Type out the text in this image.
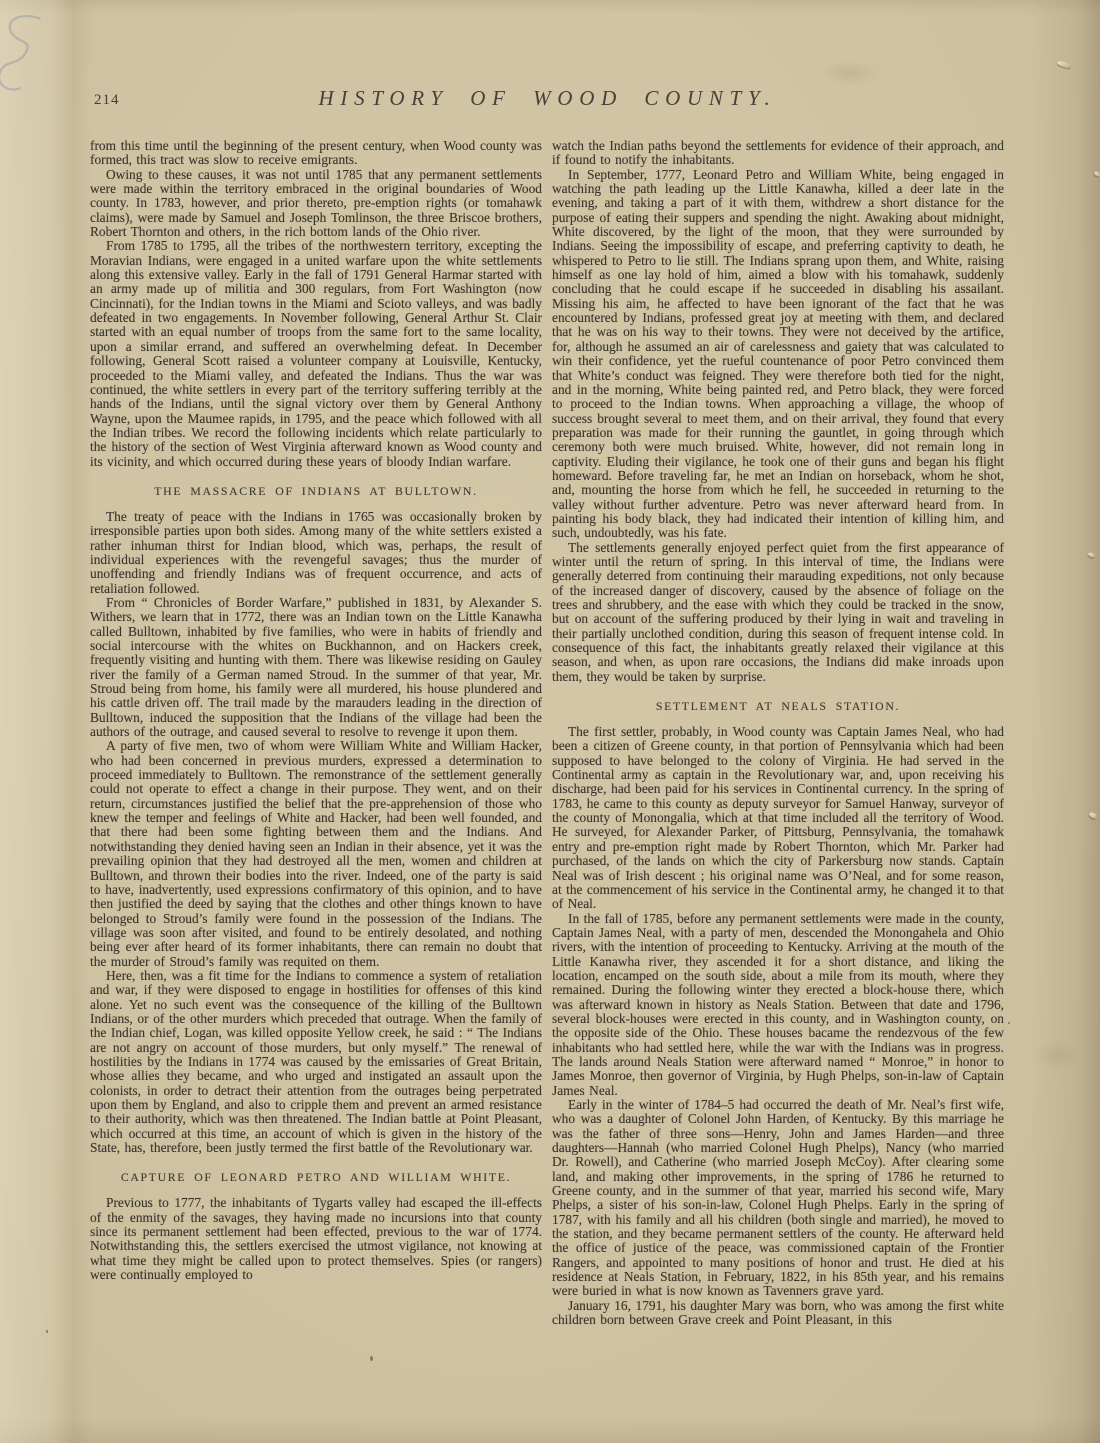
214	HISTORY OF WOOD COUNTY.

from this time until the beginning of the present century, when Wood county was formed, this tract was slow to receive emigrants.

Owing to these causes, it was not until 1785 that any permanent settlements were made within the territory embraced in the original boundaries of Wood county. In 1783, however, and prior thereto, pre-emption rights (or tomahawk claims), were made by Samuel and Joseph Tomlinson, the three Briscoe brothers, Robert Thornton and others, in the rich bottom lands of the Ohio river.

From 1785 to 1795, all the tribes of the northwestern territory, excepting the Moravian Indians, were engaged in a united warfare upon the white settlements along this extensive valley. Early in the fall of 1791 General Harmar started with an army made up of militia and 300 regulars, from Fort Washington (now Cincinnati), for the Indian towns in the Miami and Scioto valleys, and was badly defeated in two engagements. In November following, General Arthur St. Clair started with an equal number of troops from the same fort to the same locality, upon a similar errand, and suffered an overwhelming defeat. In December following, General Scott raised a volunteer company at Louisville, Kentucky, proceeded to the Miami valley, and defeated the Indians. Thus the war was continued, the white settlers in every part of the territory suffering terribly at the hands of the Indians, until the signal victory over them by General Anthony Wayne, upon the Maumee rapids, in 1795, and the peace which followed with all the Indian tribes. We record the following incidents which relate particularly to the history of the section of West Virginia afterward known as Wood county and its vicinity, and which occurred during these years of bloody Indian warfare.

THE MASSACRE OF INDIANS AT BULLTOWN.

The treaty of peace with the Indians in 1765 was occasionally broken by irresponsible parties upon both sides. Among many of the white settlers existed a rather inhuman thirst for Indian blood, which was, perhaps, the result of individual experiences with the revengeful savages; thus the murder of unoffending and friendly Indians was of frequent occurrence, and acts of retaliation followed.

From “ Chronicles of Border Warfare,” published in 1831, by Alexander S. Withers, we learn that in 1772, there was an Indian town on the Little Kanawha called Bulltown, inhabited by five families, who were in habits of friendly and social intercourse with the whites on Buckhannon, and on Hackers creek, frequently visiting and hunting with them. There was likewise residing on Gauley river the family of a German named Stroud. In the summer of that year, Mr. Stroud being from home, his family were all murdered, his house plundered and his cattle driven off. The trail made by the marauders leading in the direction of Bulltown, induced the supposition that the Indians of the village had been the authors of the outrage, and caused several to resolve to revenge it upon them.

A party of five men, two of whom were William White and William Hacker, who had been concerned in previous murders, expressed a determination to proceed immediately to Bulltown. The remonstrance of the settlement generally could not operate to effect a change in their purpose. They went, and on their return, circumstances justified the belief that the pre-apprehension of those who knew the temper and feelings of White and Hacker, had been well founded, and that there had been some fighting between them and the Indians. And notwithstanding they denied having seen an Indian in their absence, yet it was the prevailing opinion that they had destroyed all the men, women and children at Bulltown, and thrown their bodies into the river. Indeed, one of the party is said to have, inadvertently, used expressions confirmatory of this opinion, and to have then justified the deed by saying that the clothes and other things known to have belonged to Stroud’s family were found in the possession of the Indians. The village was soon after visited, and found to be entirely desolated, and nothing being ever after heard of its former inhabitants, there can remain no doubt that the murder of Stroud’s family was requited on them.

Here, then, was a fit time for the Indians to commence a system of retaliation and war, if they were disposed to engage in hostilities for offenses of this kind alone. Yet no such event was the consequence of the killing of the Bulltown Indians, or of the other murders which preceded that outrage. When the family of the Indian chief, Logan, was killed opposite Yellow creek, he said : “ The Indians are not angry on account of those murders, but only myself.” The renewal of hostilities by the Indians in 1774 was caused by the emissaries of Great Britain, whose allies they became, and who urged and instigated an assault upon the colonists, in order to detract their attention from the outrages being perpetrated upon them by England, and also to cripple them and prevent an armed resistance to their authority, which was then threatened. The Indian battle at Point Pleasant, which occurred at this time, an account of which is given in the history of the State, has, therefore, been justly termed the first battle of the Revolutionary war.

CAPTURE OF LEONARD PETRO AND WILLIAM WHITE.

Previous to 1777, the inhabitants of Tygarts valley had escaped the ill-effects of the enmity of the savages, they having made no incursions into that county since its permanent settlement had been effected, previous to the war of 1774. Notwithstanding this, the settlers exercised the utmost vigilance, not knowing at what time they might be called upon to protect themselves. Spies (or rangers) were continually employed to

watch the Indian paths beyond the settlements for evidence of their approach, and if found to notify the inhabitants.

In September, 1777, Leonard Petro and William White, being engaged in watching the path leading up the Little Kanawha, killed a deer late in the evening, and taking a part of it with them, withdrew a short distance for the purpose of eating their suppers and spending the night. Awaking about midnight, White discovered, by the light of the moon, that they were surrounded by Indians. Seeing the impossibility of escape, and preferring captivity to death, he whispered to Petro to lie still. The Indians sprang upon them, and White, raising himself as one lay hold of him, aimed a blow with his tomahawk, suddenly concluding that he could escape if he succeeded in disabling his assailant. Missing his aim, he affected to have been ignorant of the fact that he was encountered by Indians, professed great joy at meeting with them, and declared that he was on his way to their towns. They were not deceived by the artifice, for, although he assumed an air of carelessness and gaiety that was calculated to win their confidence, yet the rueful countenance of poor Petro convinced them that White’s conduct was feigned. They were therefore both tied for the night, and in the morning, White being painted red, and Petro black, they were forced to proceed to the Indian towns. When approaching a village, the whoop of success brought several to meet them, and on their arrival, they found that every preparation was made for their running the gauntlet, in going through which ceremony both were much bruised. White, however, did not remain long in captivity. Eluding their vigilance, he took one of their guns and began his flight homeward. Before traveling far, he met an Indian on horseback, whom he shot, and, mounting the horse from which he fell, he succeeded in returning to the valley without further adventure. Petro was never afterward heard from. In painting his body black, they had indicated their intention of killing him, and such, undoubtedly, was his fate.

The settlements generally enjoyed perfect quiet from the first appearance of winter until the return of spring. In this interval of time, the Indians were generally deterred from continuing their marauding expeditions, not only because of the increased danger of discovery, caused by the absence of foliage on the trees and shrubbery, and the ease with which they could be tracked in the snow, but on account of the suffering produced by their lying in wait and traveling in their partially unclothed condition, during this season of frequent intense cold. In consequence of this fact, the inhabitants greatly relaxed their vigilance at this season, and when, as upon rare occasions, the Indians did make inroads upon them, they would be taken by surprise.

SETTLEMENT AT NEALS STATION.

The first settler, probably, in Wood county was Captain James Neal, who had been a citizen of Greene county, in that portion of Pennsylvania which had been supposed to have belonged to the colony of Virginia. He had served in the Continental army as captain in the Revolutionary war, and, upon receiving his discharge, had been paid for his services in Continental currency. In the spring of 1783, he came to this county as deputy surveyor for Samuel Hanway, surveyor of the county of Monongalia, which at that time included all the territory of Wood. He surveyed, for Alexander Parker, of Pittsburg, Pennsylvania, the tomahawk entry and pre-emption right made by Robert Thornton, which Mr. Parker had purchased, of the lands on which the city of Parkersburg now stands. Captain Neal was of Irish descent ; his original name was O’Neal, and for some reason, at the commencement of his service in the Continental army, he changed it to that of Neal.

In the fall of 1785, before any permanent settlements were made in the county, Captain James Neal, with a party of men, descended the Monongahela and Ohio rivers, with the intention of proceeding to Kentucky. Arriving at the mouth of the Little Kanawha river, they ascended it for a short distance, and liking the location, encamped on the south side, about a mile from its mouth, where they remained. During the following winter they erected a block-house there, which was afterward known in history as Neals Station. Between that date and 1796, several block-houses were erected in this county, and in Washington county, on the opposite side of the Ohio. These houses bacame the rendezvous of the few inhabitants who had settled here, while the war with the Indians was in progress. The lands around Neals Station were afterward named “ Monroe,” in honor to James Monroe, then governor of Virginia, by Hugh Phelps, son-in-law of Captain James Neal.

Early in the winter of 1784–5 had occurred the death of Mr. Neal’s first wife, who was a daughter of Colonel John Harden, of Kentucky. By this marriage he was the father of three sons—Henry, John and James Harden—and three daughters—Hannah (who married Colonel Hugh Phelps), Nancy (who married Dr. Rowell), and Catherine (who married Joseph McCoy). After clearing some land, and making other improvements, in the spring of 1786 he returned to Greene county, and in the summer of that year, married his second wife, Mary Phelps, a sister of his son-in-law, Colonel Hugh Phelps. Early in the spring of 1787, with his family and all his children (both single and married), he moved to the station, and they became permanent settlers of the county. He afterward held the office of justice of the peace, was commissioned captain of the Frontier Rangers, and appointed to many positions of honor and trust. He died at his residence at Neals Station, in February, 1822, in his 85th year, and his remains were buried in what is now known as Tavenners grave yard.

January 16, 1791, his daughter Mary was born, who was among the first white children born between Grave creek and Point Pleasant, in this
